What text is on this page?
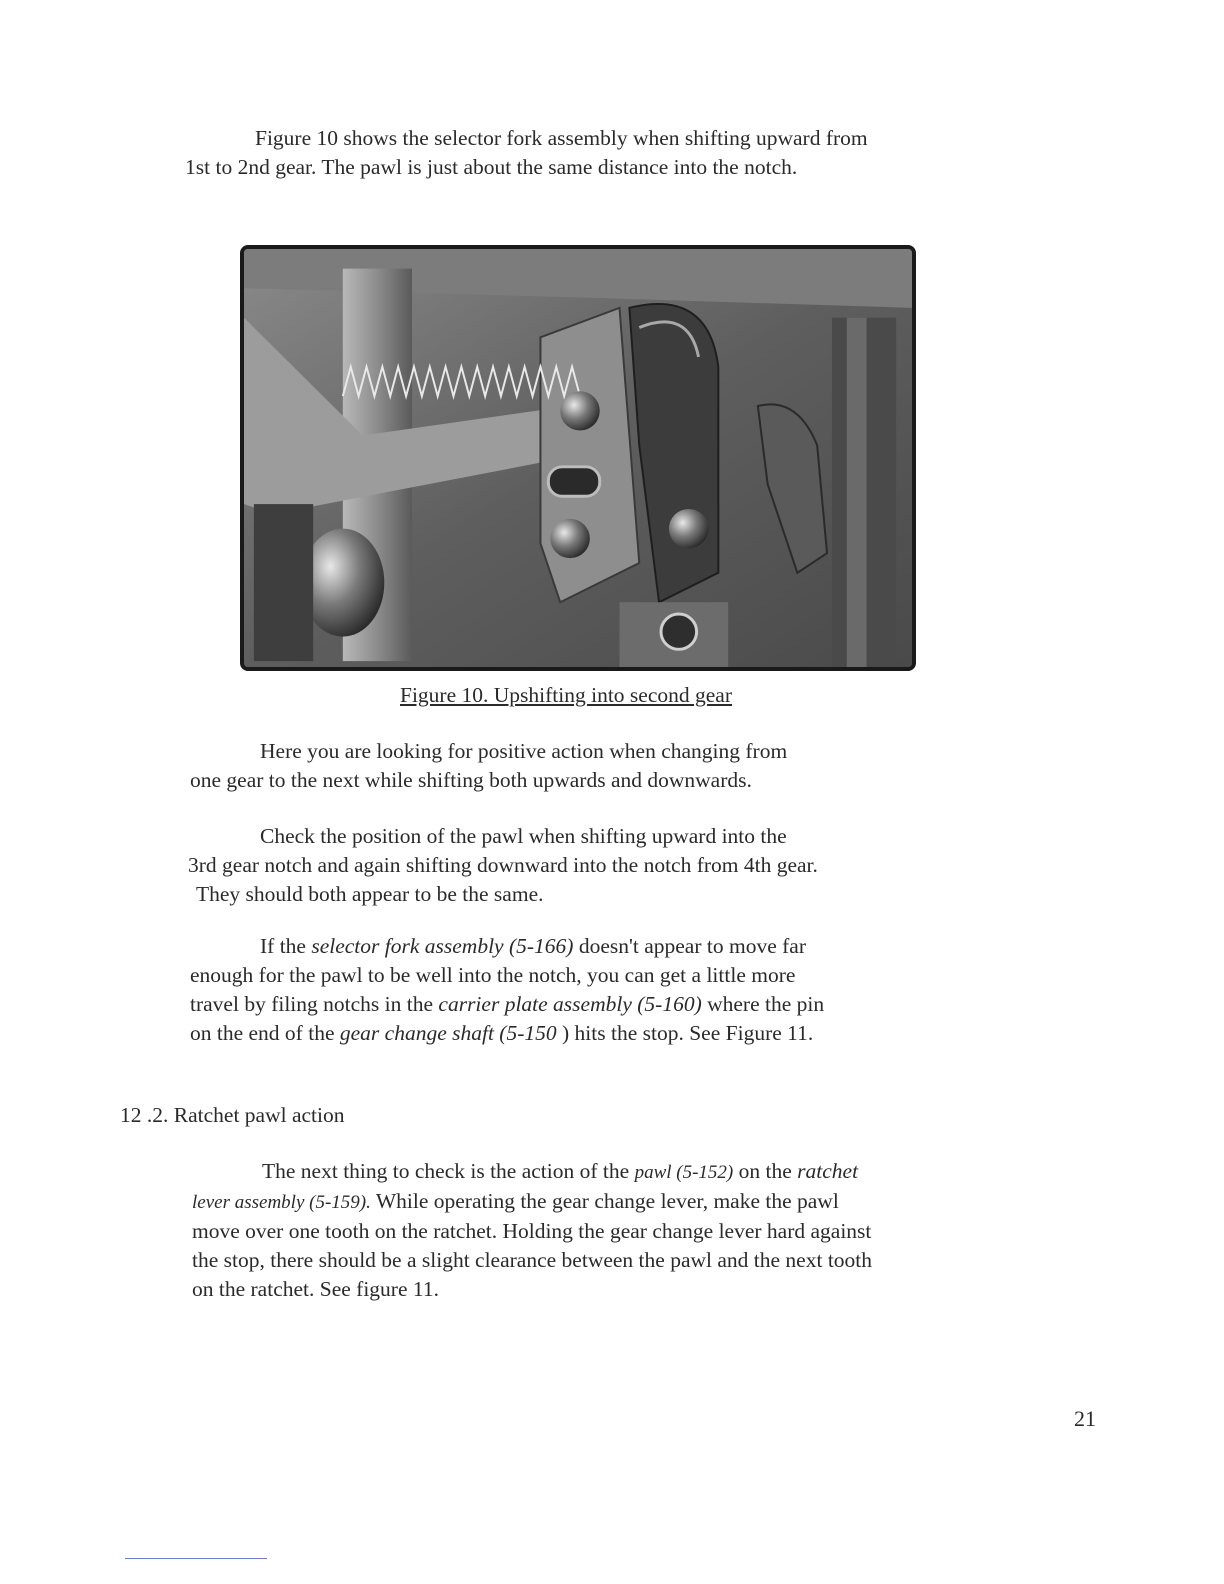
Figure 10 shows the selector fork assembly when shifting upward from
1st to 2nd gear. The pawl is just about the same distance into the notch.

Figure 10. Upshifting into second gear

Here you are looking for positive action when changing from
one gear to the next while shifting both upwards and downwards.

Check the position of the pawl when shifting upward into the
3rd gear notch and again shifting downward into the notch from 4th gear.
They should both appear to be the same.

If the selector fork assembly (5-166) doesn't appear to move far
enough for the pawl to be well into the notch, you can get a little more
travel by filing notchs in the carrier plate assembly (5-160) where the pin
on the end of the gear change shaft (5-150 ) hits the stop. See Figure 11.

12 .2. Ratchet pawl action

The next thing to check is the action of the pawl (5-152) on the ratchet
lever assembly (5-159). While operating the gear change lever, make the pawl
move over one tooth on the ratchet. Holding the gear change lever hard against
the stop, there should be a slight clearance between the pawl and the next tooth
on the ratchet. See figure 11.

21
